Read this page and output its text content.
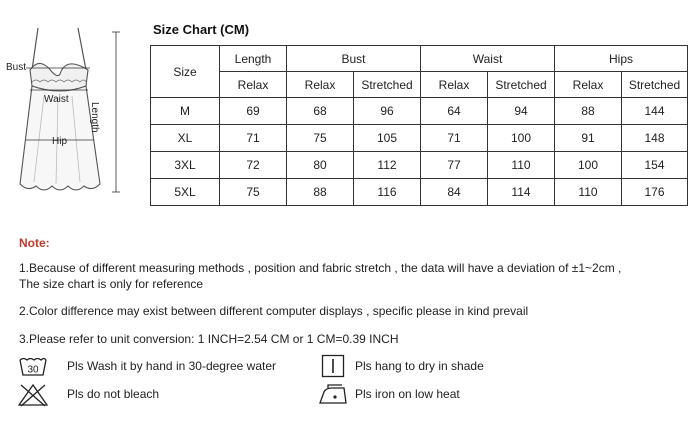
Bust
Waist
Hip
Length
Size Chart (CM)
Size	Length	Bust		Waist		Hips	
	Relax	Relax	Stretched	Relax	Stretched	Relax	Stretched
M	69	68	96	64	94	88	144
XL	71	75	105	71	100	91	148
3XL	72	80	112	77	110	100	154
5XL	75	88	116	84	114	110	176
Note:
1.Because of different measuring methods , position and fabric stretch , the data will have a deviation of ±1~2cm ,
The size chart is only for reference
2.Color difference may exist between different computer displays , specific please in kind prevail
3.Please refer to unit conversion: 1 INCH=2.54 CM or 1 CM=0.39 INCH
30 Pls Wash it by hand in 30-degree water	Pls hang to dry in shade
Pls do not bleach	Pls iron on low heat
